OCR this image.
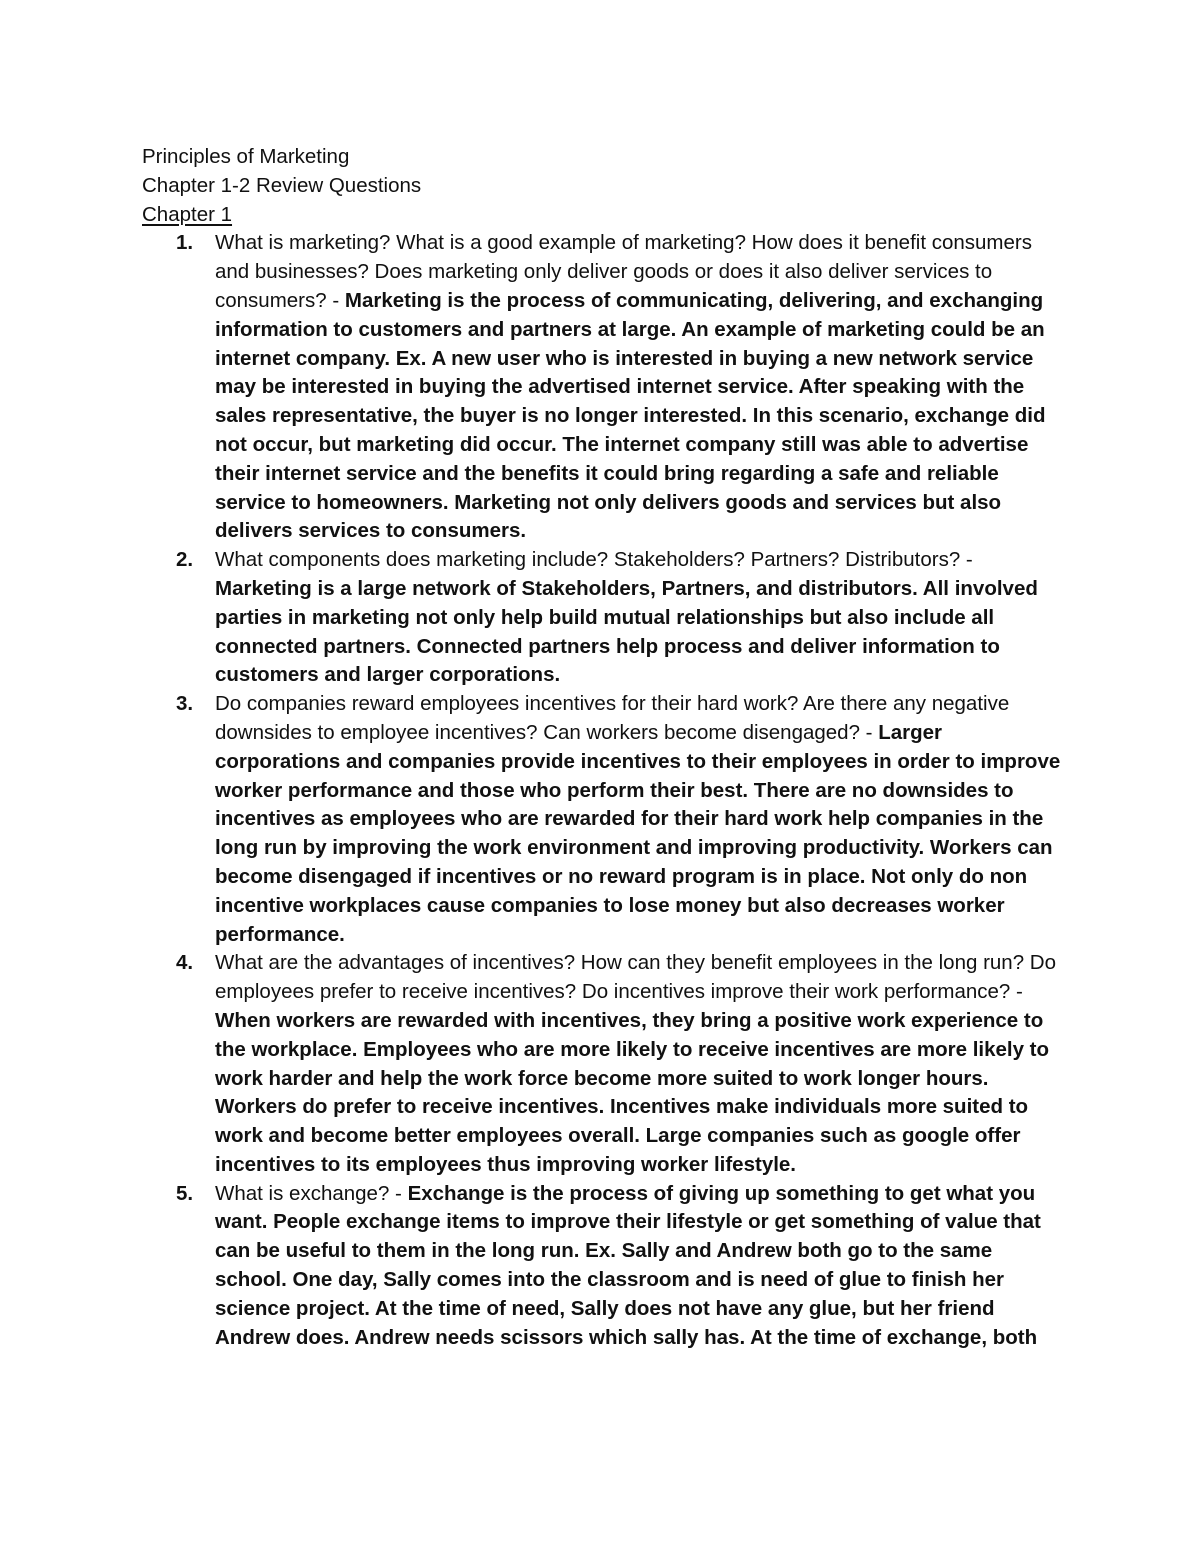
Principles of Marketing

Chapter 1-2 Review Questions

Chapter 1

1. What is marketing? What is a good example of marketing? How does it benefit consumers and businesses? Does marketing only deliver goods or does it also deliver services to consumers? - Marketing is the process of communicating, delivering, and exchanging information to customers and partners at large. An example of marketing could be an internet company. Ex. A new user who is interested in buying a new network service may be interested in buying the advertised internet service. After speaking with the sales representative, the buyer is no longer interested. In this scenario, exchange did not occur, but marketing did occur. The internet company still was able to advertise their internet service and the benefits it could bring regarding a safe and reliable service to homeowners. Marketing not only delivers goods and services but also delivers services to consumers.
2. What components does marketing include? Stakeholders? Partners? Distributors? - Marketing is a large network of Stakeholders, Partners, and distributors. All involved parties in marketing not only help build mutual relationships but also include all connected partners. Connected partners help process and deliver information to customers and larger corporations.
3. Do companies reward employees incentives for their hard work? Are there any negative downsides to employee incentives? Can workers become disengaged? - Larger corporations and companies provide incentives to their employees in order to improve worker performance and those who perform their best. There are no downsides to incentives as employees who are rewarded for their hard work help companies in the long run by improving the work environment and improving productivity. Workers can become disengaged if incentives or no reward program is in place. Not only do non incentive workplaces cause companies to lose money but also decreases worker performance.
4. What are the advantages of incentives? How can they benefit employees in the long run? Do employees prefer to receive incentives? Do incentives improve their work performance? - When workers are rewarded with incentives, they bring a positive work experience to the workplace. Employees who are more likely to receive incentives are more likely to work harder and help the work force become more suited to work longer hours. Workers do prefer to receive incentives. Incentives make individuals more suited to work and become better employees overall. Large companies such as google offer incentives to its employees thus improving worker lifestyle.
5. What is exchange? - Exchange is the process of giving up something to get what you want. People exchange items to improve their lifestyle or get something of value that can be useful to them in the long run. Ex. Sally and Andrew both go to the same school. One day, Sally comes into the classroom and is need of glue to finish her science project. At the time of need, Sally does not have any glue, but her friend Andrew does. Andrew needs scissors which sally has. At the time of exchange, both
